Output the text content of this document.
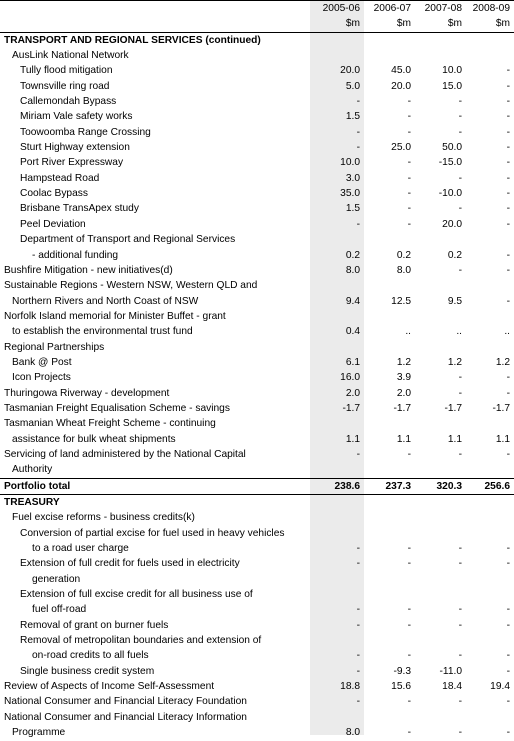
	2005-06	2006-07	2007-08	2008-09
	$m	$m	$m	$m
TRANSPORT AND REGIONAL SERVICES (continued)				
AusLink National Network				
Tully flood mitigation	20.0	45.0	10.0	-
Townsville ring road	5.0	20.0	15.0	-
Callemondah Bypass	-	-	-	-
Miriam Vale safety works	1.5	-	-	-
Toowoomba Range Crossing	-	-	-	-
Sturt Highway extension	-	25.0	50.0	-
Port River Expressway	10.0	-	-15.0	-
Hampstead Road	3.0	-	-	-
Coolac Bypass	35.0	-	-10.0	-
Brisbane TransApex study	1.5	-	-	-
Peel Deviation	-	-	20.0	-
Department of Transport and Regional Services				
- additional funding	0.2	0.2	0.2	-
Bushfire Mitigation - new initiatives(d)	8.0	8.0	-	-
Sustainable Regions - Western NSW, Western QLD and				
Northern Rivers and North Coast of NSW	9.4	12.5	9.5	-
Norfolk Island memorial for Minister Buffet - grant				
to establish the environmental trust fund	0.4	..	..	..
Regional Partnerships				
Bank @ Post	6.1	1.2	1.2	1.2
Icon Projects	16.0	3.9	-	-
Thuringowa Riverway - development	2.0	2.0	-	-
Tasmanian Freight Equalisation Scheme - savings	-1.7	-1.7	-1.7	-1.7
Tasmanian Wheat Freight Scheme - continuing				
assistance for bulk wheat shipments	1.1	1.1	1.1	1.1
Servicing of land administered by the National Capital	-	-	-	-
Authority				
Portfolio total	238.6	237.3	320.3	256.6
TREASURY				
Fuel excise reforms - business credits(k)				
Conversion of partial excise for fuel used in heavy vehicles				
to a road user charge	-	-	-	-
Extension of full credit for fuels used in electricity	-	-	-	-
generation				
Extension of full excise credit for all business use of				
fuel off-road	-	-	-	-
Removal of grant on burner fuels	-	-	-	-
Removal of metropolitan boundaries and extension of				
on-road credits to all fuels	-	-	-	-
Single business credit system	-	-9.3	-11.0	-
Review of Aspects of Income Self-Assessment	18.8	15.6	18.4	19.4
National Consumer and Financial Literacy Foundation	-	-	-	-
National Consumer and Financial Literacy Information				
Programme	8.0	-	-	-
